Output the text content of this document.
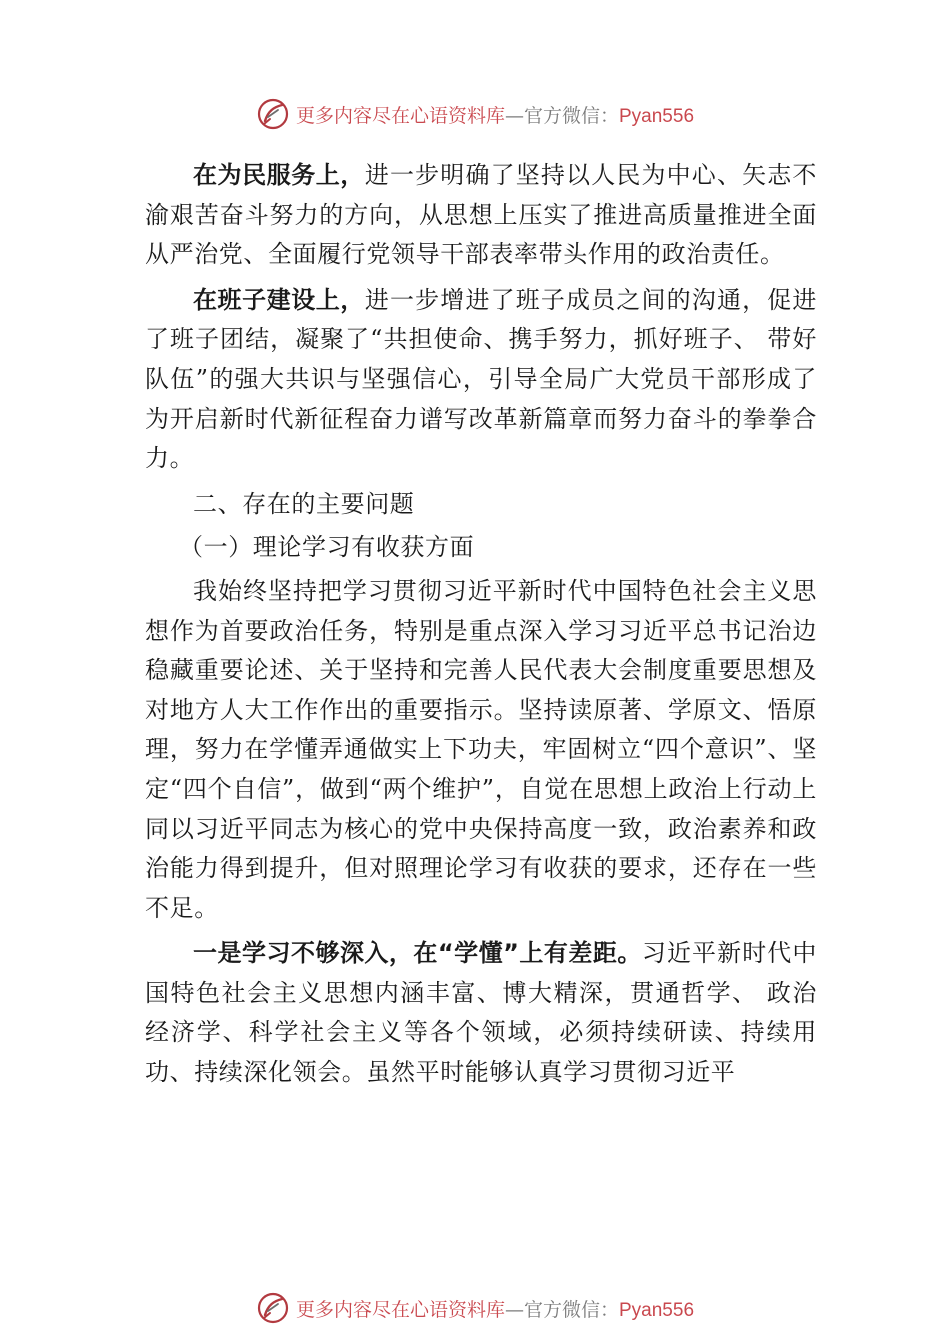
更多内容尽在心语资料库—官方微信：Pyan556

在为民服务上，进一步明确了坚持以人民为中心、矢志不渝艰苦奋斗努力的方向，从思想上压实了推进高质量推进全面从严治党、全面履行党领导干部表率带头作用的政治责任。

在班子建设上，进一步增进了班子成员之间的沟通，促进了班子团结，凝聚了“共担使命、携手努力，抓好班子、 带好队伍”的强大共识与坚强信心，引导全局广大党员干部形成了为开启新时代新征程奋力谱写改革新篇章而努力奋斗的拳拳合力。

二、存在的主要问题

（一）理论学习有收获方面

我始终坚持把学习贯彻习近平新时代中国特色社会主义思想作为首要政治任务，特别是重点深入学习习近平总书记治边稳藏重要论述、关于坚持和完善人民代表大会制度重要思想及对地方人大工作作出的重要指示。坚持读原著、学原文、悟原理，努力在学懂弄通做实上下功夫，牢固树立“四个意识”、坚定“四个自信”，做到“两个维护”，自觉在思想上政治上行动上同以习近平同志为核心的党中央保持高度一致，政治素养和政治能力得到提升，但对照理论学习有收获的要求，还存在一些不足。

一是学习不够深入，在“学懂”上有差距。习近平新时代中国特色社会主义思想内涵丰富、博大精深，贯通哲学、 政治经济学、科学社会主义等各个领域，必须持续研读、持续用功、持续深化领会。虽然平时能够认真学习贯彻习近平

更多内容尽在心语资料库—官方微信：Pyan556
